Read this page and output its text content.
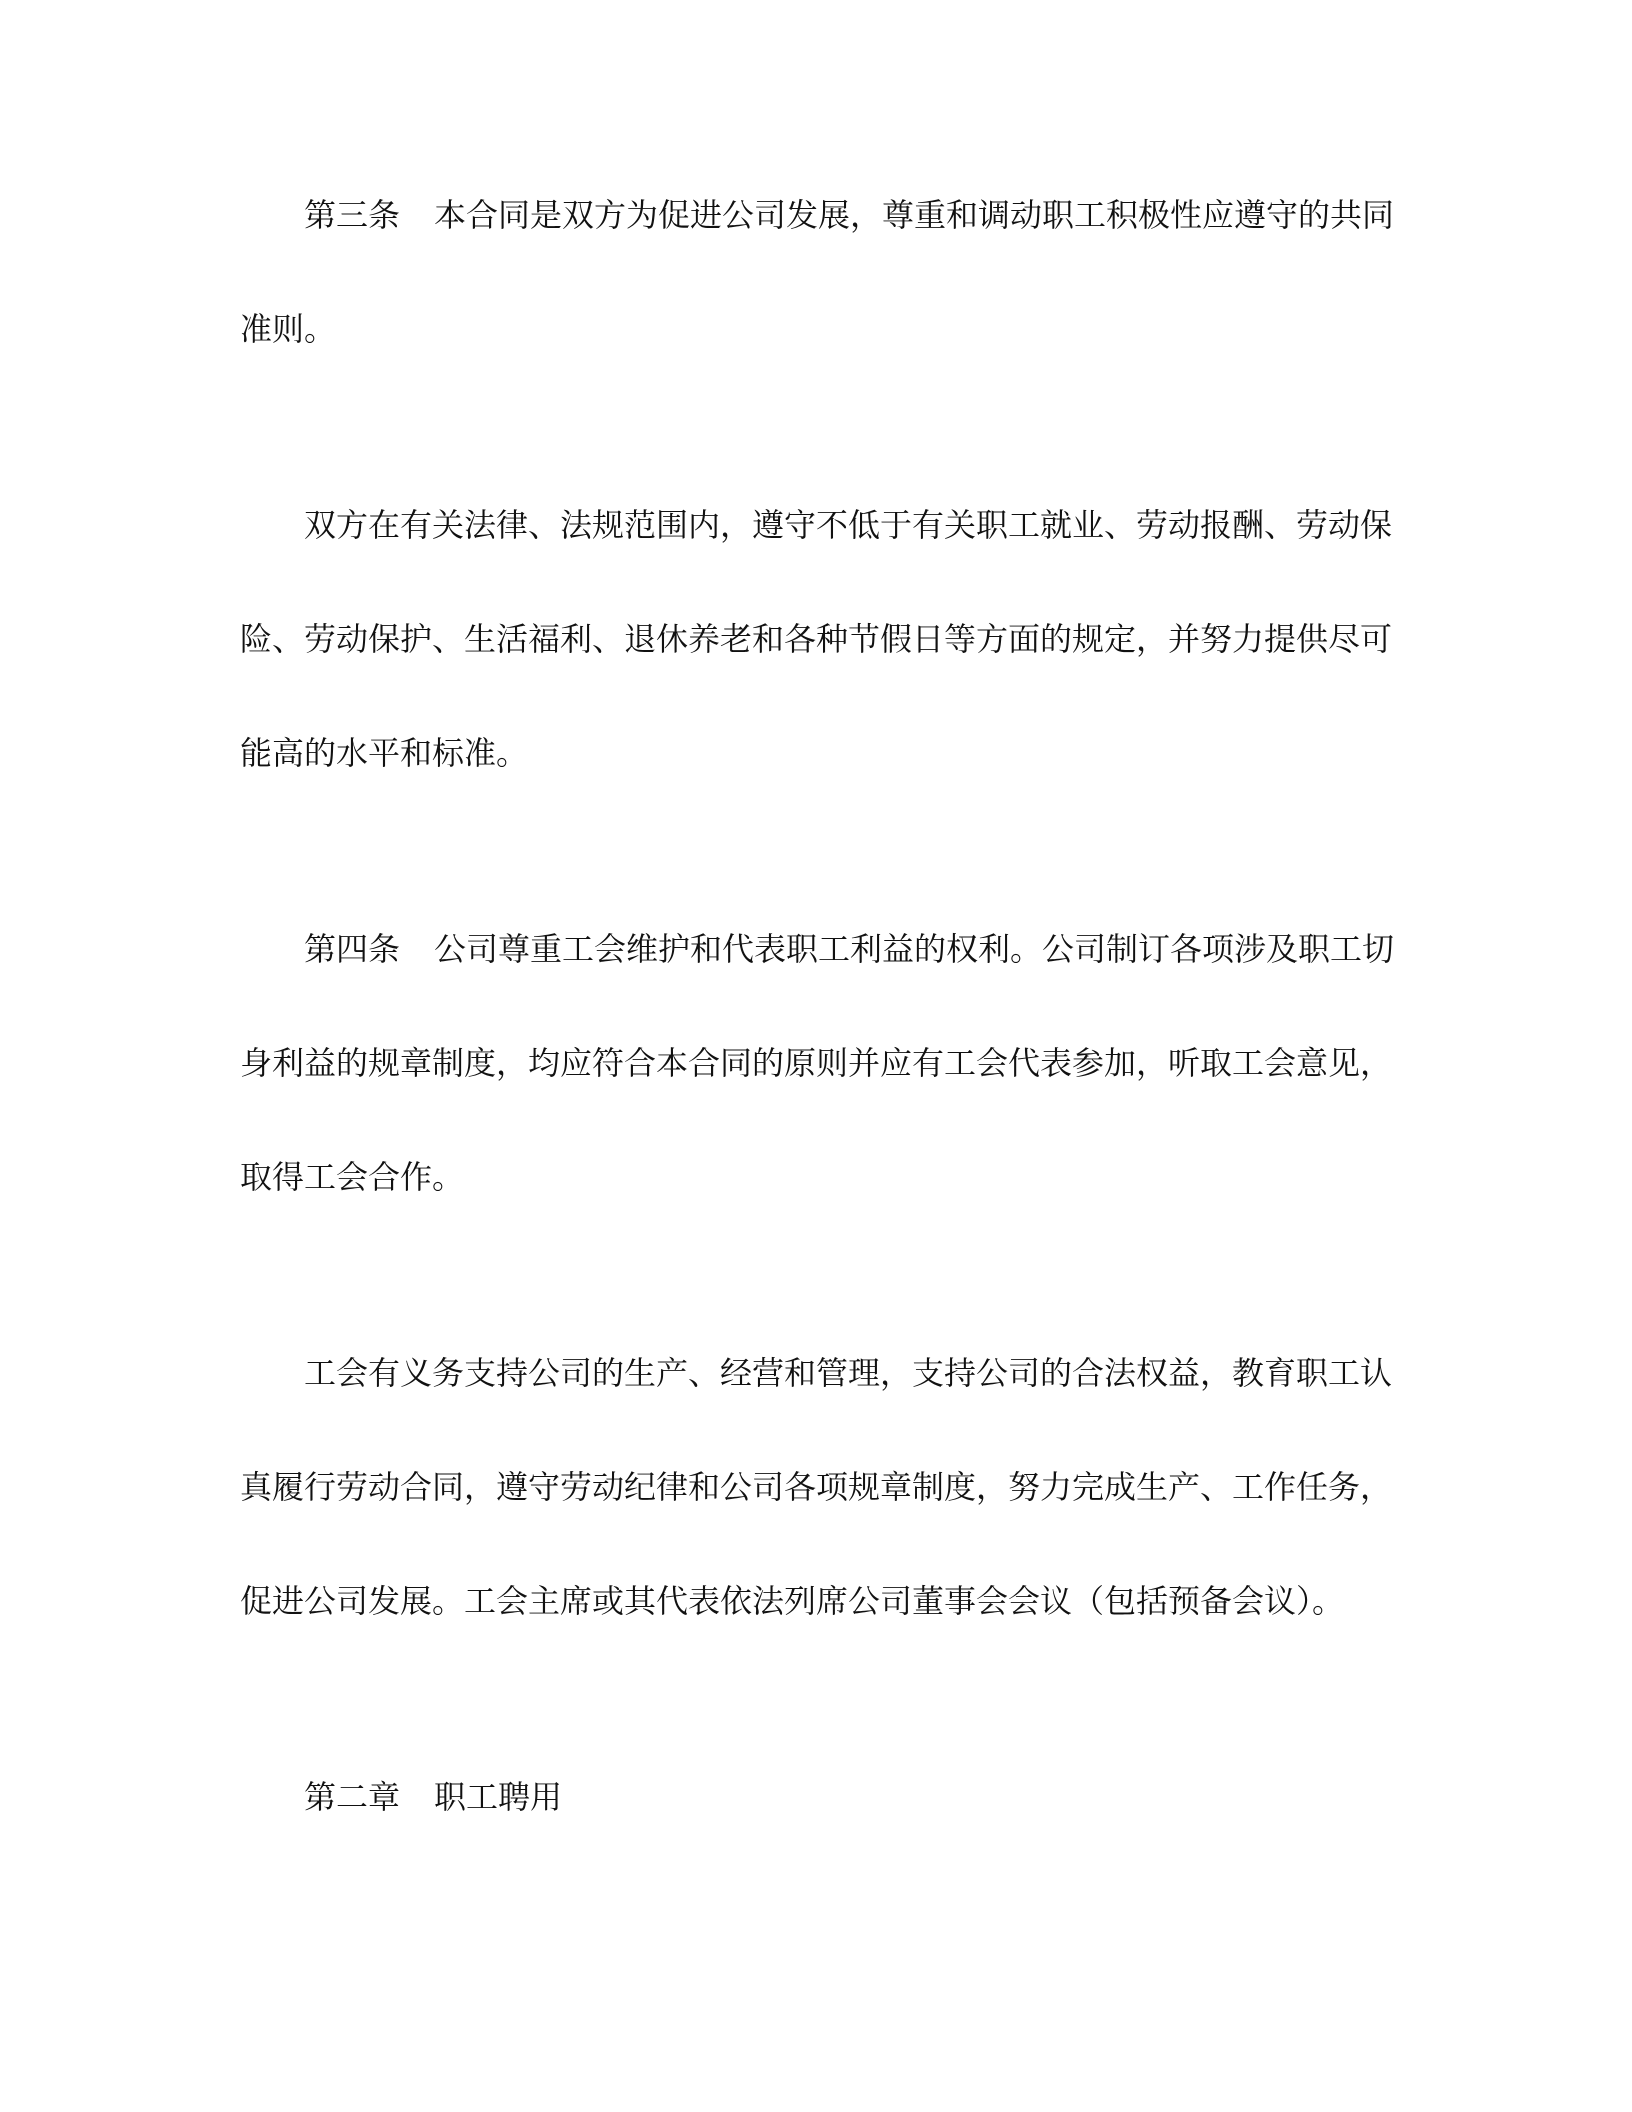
第三条 本合同是双方为促进公司发展，尊重和调动职工积极性应遵守的共同

准则。

双方在有关法律、法规范围内，遵守不低于有关职工就业、劳动报酬、劳动保

险、劳动保护、生活福利、退休养老和各种节假日等方面的规定，并努力提供尽可

能高的水平和标准。

第四条 公司尊重工会维护和代表职工利益的权利。公司制订各项涉及职工切

身利益的规章制度，均应符合本合同的原则并应有工会代表参加，听取工会意见，

取得工会合作。

工会有义务支持公司的生产、经营和管理，支持公司的合法权益，教育职工认

真履行劳动合同，遵守劳动纪律和公司各项规章制度，努力完成生产、工作任务，

促进公司发展。工会主席或其代表依法列席公司董事会会议（包括预备会议）。

第二章 职工聘用
